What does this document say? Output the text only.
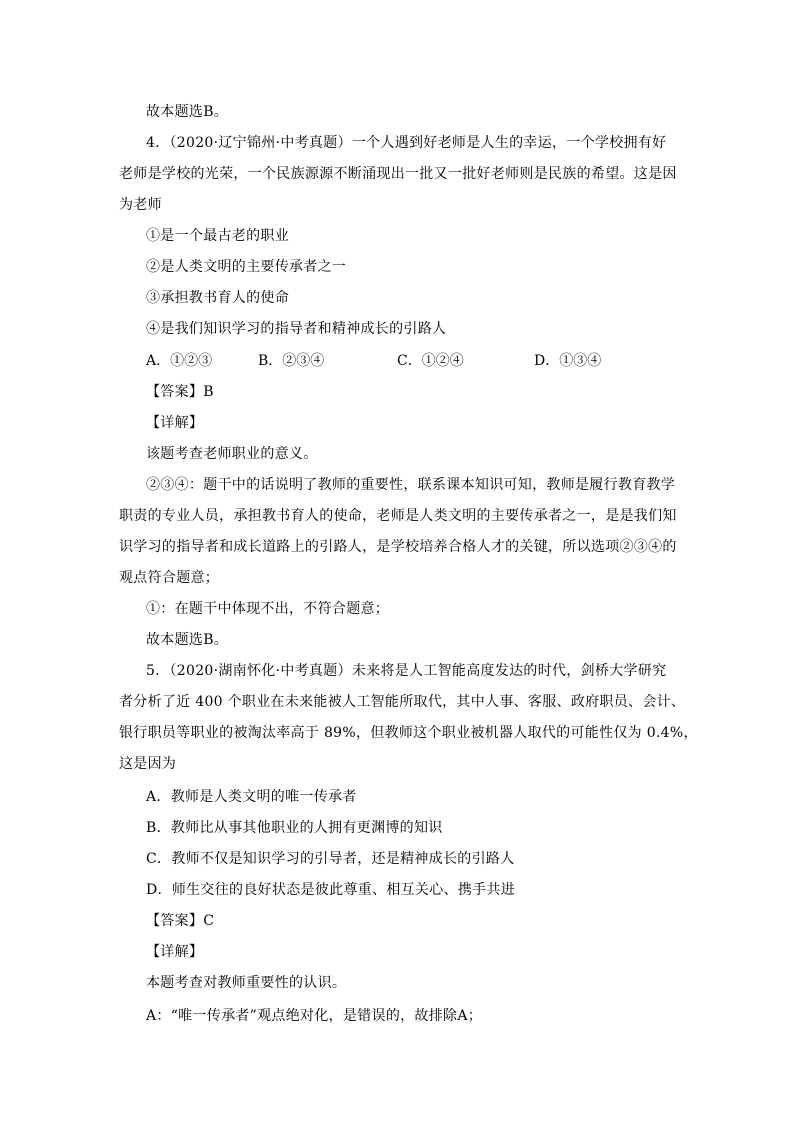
故本题选B。
4．（2020·辽宁锦州·中考真题）一个人遇到好老师是人生的幸运，一个学校拥有好
老师是学校的光荣，一个民族源源不断涌现出一批又一批好老师则是民族的希望。这是因
为老师
①是一个最古老的职业
②是人类文明的主要传承者之一
③承担教书育人的使命
④是我们知识学习的指导者和精神成长的引路人
A．①②③	B．②③④	C．①②④	D．①③④
【答案】B
【详解】
该题考查老师职业的意义。
②③④：题干中的话说明了教师的重要性，联系课本知识可知，教师是履行教育教学
职责的专业人员，承担教书育人的使命，老师是人类文明的主要传承者之一，是是我们知
识学习的指导者和成长道路上的引路人，是学校培养合格人才的关键，所以选项②③④的
观点符合题意；
①：在题干中体现不出，不符合题意；
故本题选B。
5．（2020·湖南怀化·中考真题）未来将是人工智能高度发达的时代，剑桥大学研究
者分析了近 400 个职业在未来能被人工智能所取代，其中人事、客服、政府职员、会计、
银行职员等职业的被淘汰率高于 89%，但教师这个职业被机器人取代的可能性仅为 0.4%，
这是因为
A．教师是人类文明的唯一传承者
B．教师比从事其他职业的人拥有更渊博的知识
C．教师不仅是知识学习的引导者，还是精神成长的引路人
D．师生交往的良好状态是彼此尊重、相互关心、携手共进
【答案】C
【详解】
本题考查对教师重要性的认识。
A：“唯一传承者”观点绝对化，是错误的，故排除A；
